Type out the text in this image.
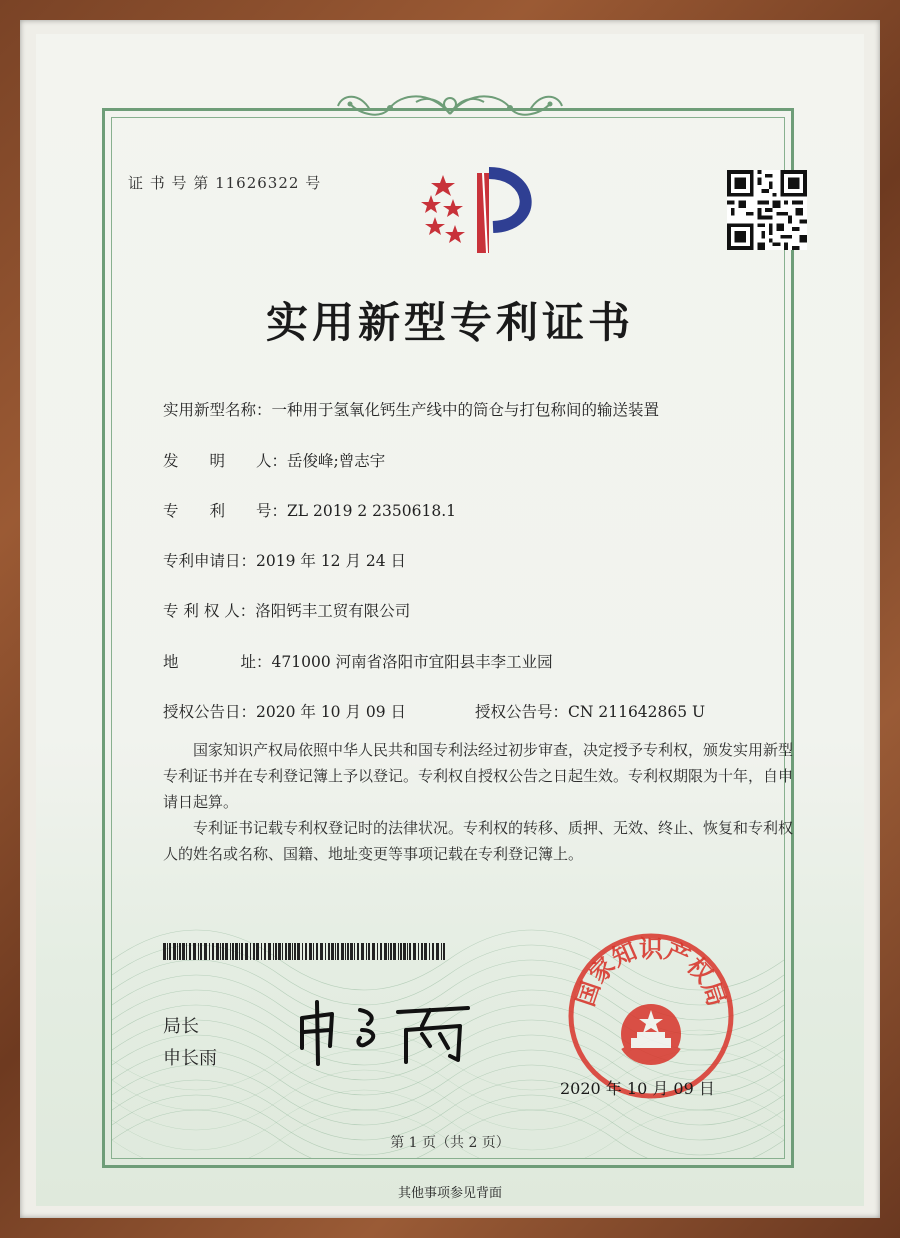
证 书 号 第 11626322 号
实用新型专利证书
实用新型名称：一种用于氢氧化钙生产线中的筒仓与打包称间的输送装置
发　　明　　人：岳俊峰;曾志宇
专　　利　　号：ZL 2019 2 2350618.1
专利申请日：2019 年 12 月 24 日
专 利 权 人：洛阳钙丰工贸有限公司
地　　　　址：471000 河南省洛阳市宜阳县丰李工业园
授权公告日：2020 年 10 月 09 日	授权公告号：CN 211642865 U
国家知识产权局依照中华人民共和国专利法经过初步审查，决定授予专利权，颁发实用新型专利证书并在专利登记簿上予以登记。专利权自授权公告之日起生效。专利权期限为十年，自申请日起算。
专利证书记载专利权登记时的法律状况。专利权的转移、质押、无效、终止、恢复和专利权人的姓名或名称、国籍、地址变更等事项记载在专利登记簿上。
局长
申长雨
国家知识产权局
2020 年 10 月 09 日
第 1 页（共 2 页）
其他事项参见背面
